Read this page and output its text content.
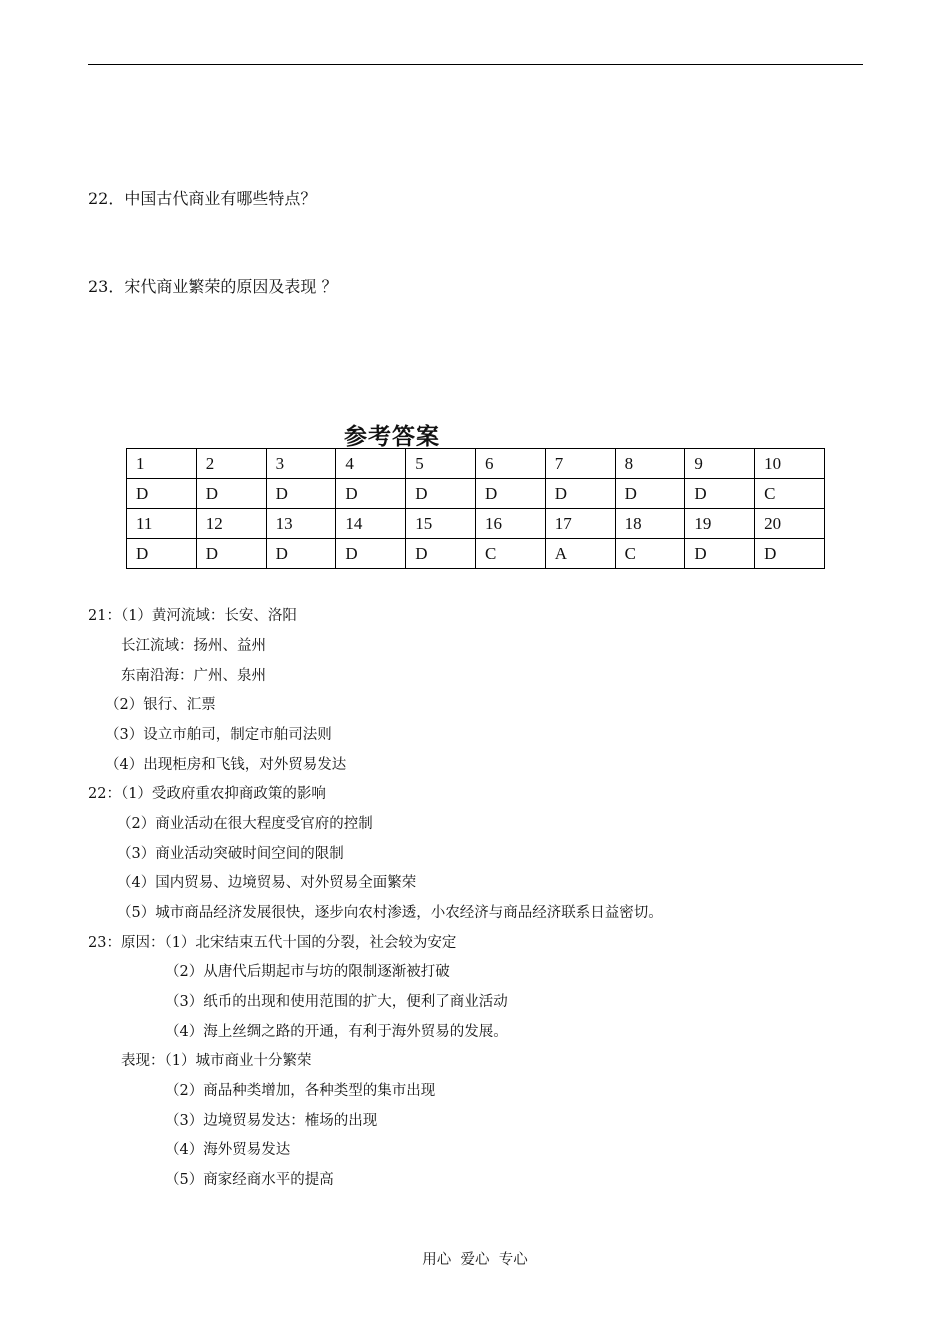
22．中国古代商业有哪些特点？
23．宋代商业繁荣的原因及表现 ？
参考答案
1	2	3	4	5	6	7	8	9	10
D	D	D	D	D	D	D	D	D	C
11	12	13	14	15	16	17	18	19	20
D	D	D	D	D	C	A	C	D	D
21：（1）黄河流域：长安、洛阳
长江流域：扬州、益州
东南沿海：广州、泉州
（2）银行、汇票
（3）设立市舶司，制定市舶司法则
（4）出现柜房和飞钱，对外贸易发达
22：（1）受政府重农抑商政策的影响
（2）商业活动在很大程度受官府的控制
（3）商业活动突破时间空间的限制
（4）国内贸易、边境贸易、对外贸易全面繁荣
（5）城市商品经济发展很快，逐步向农村渗透，小农经济与商品经济联系日益密切。
23：原因：（1）北宋结束五代十国的分裂，社会较为安定
（2）从唐代后期起市与坊的限制逐渐被打破
（3）纸币的出现和使用范围的扩大，便利了商业活动
（4）海上丝绸之路的开通，有利于海外贸易的发展。
表现：（1）城市商业十分繁荣
（2）商品种类增加，各种类型的集市出现
（3）边境贸易发达：榷场的出现
（4）海外贸易发达
（5）商家经商水平的提高
用心  爱心  专心
